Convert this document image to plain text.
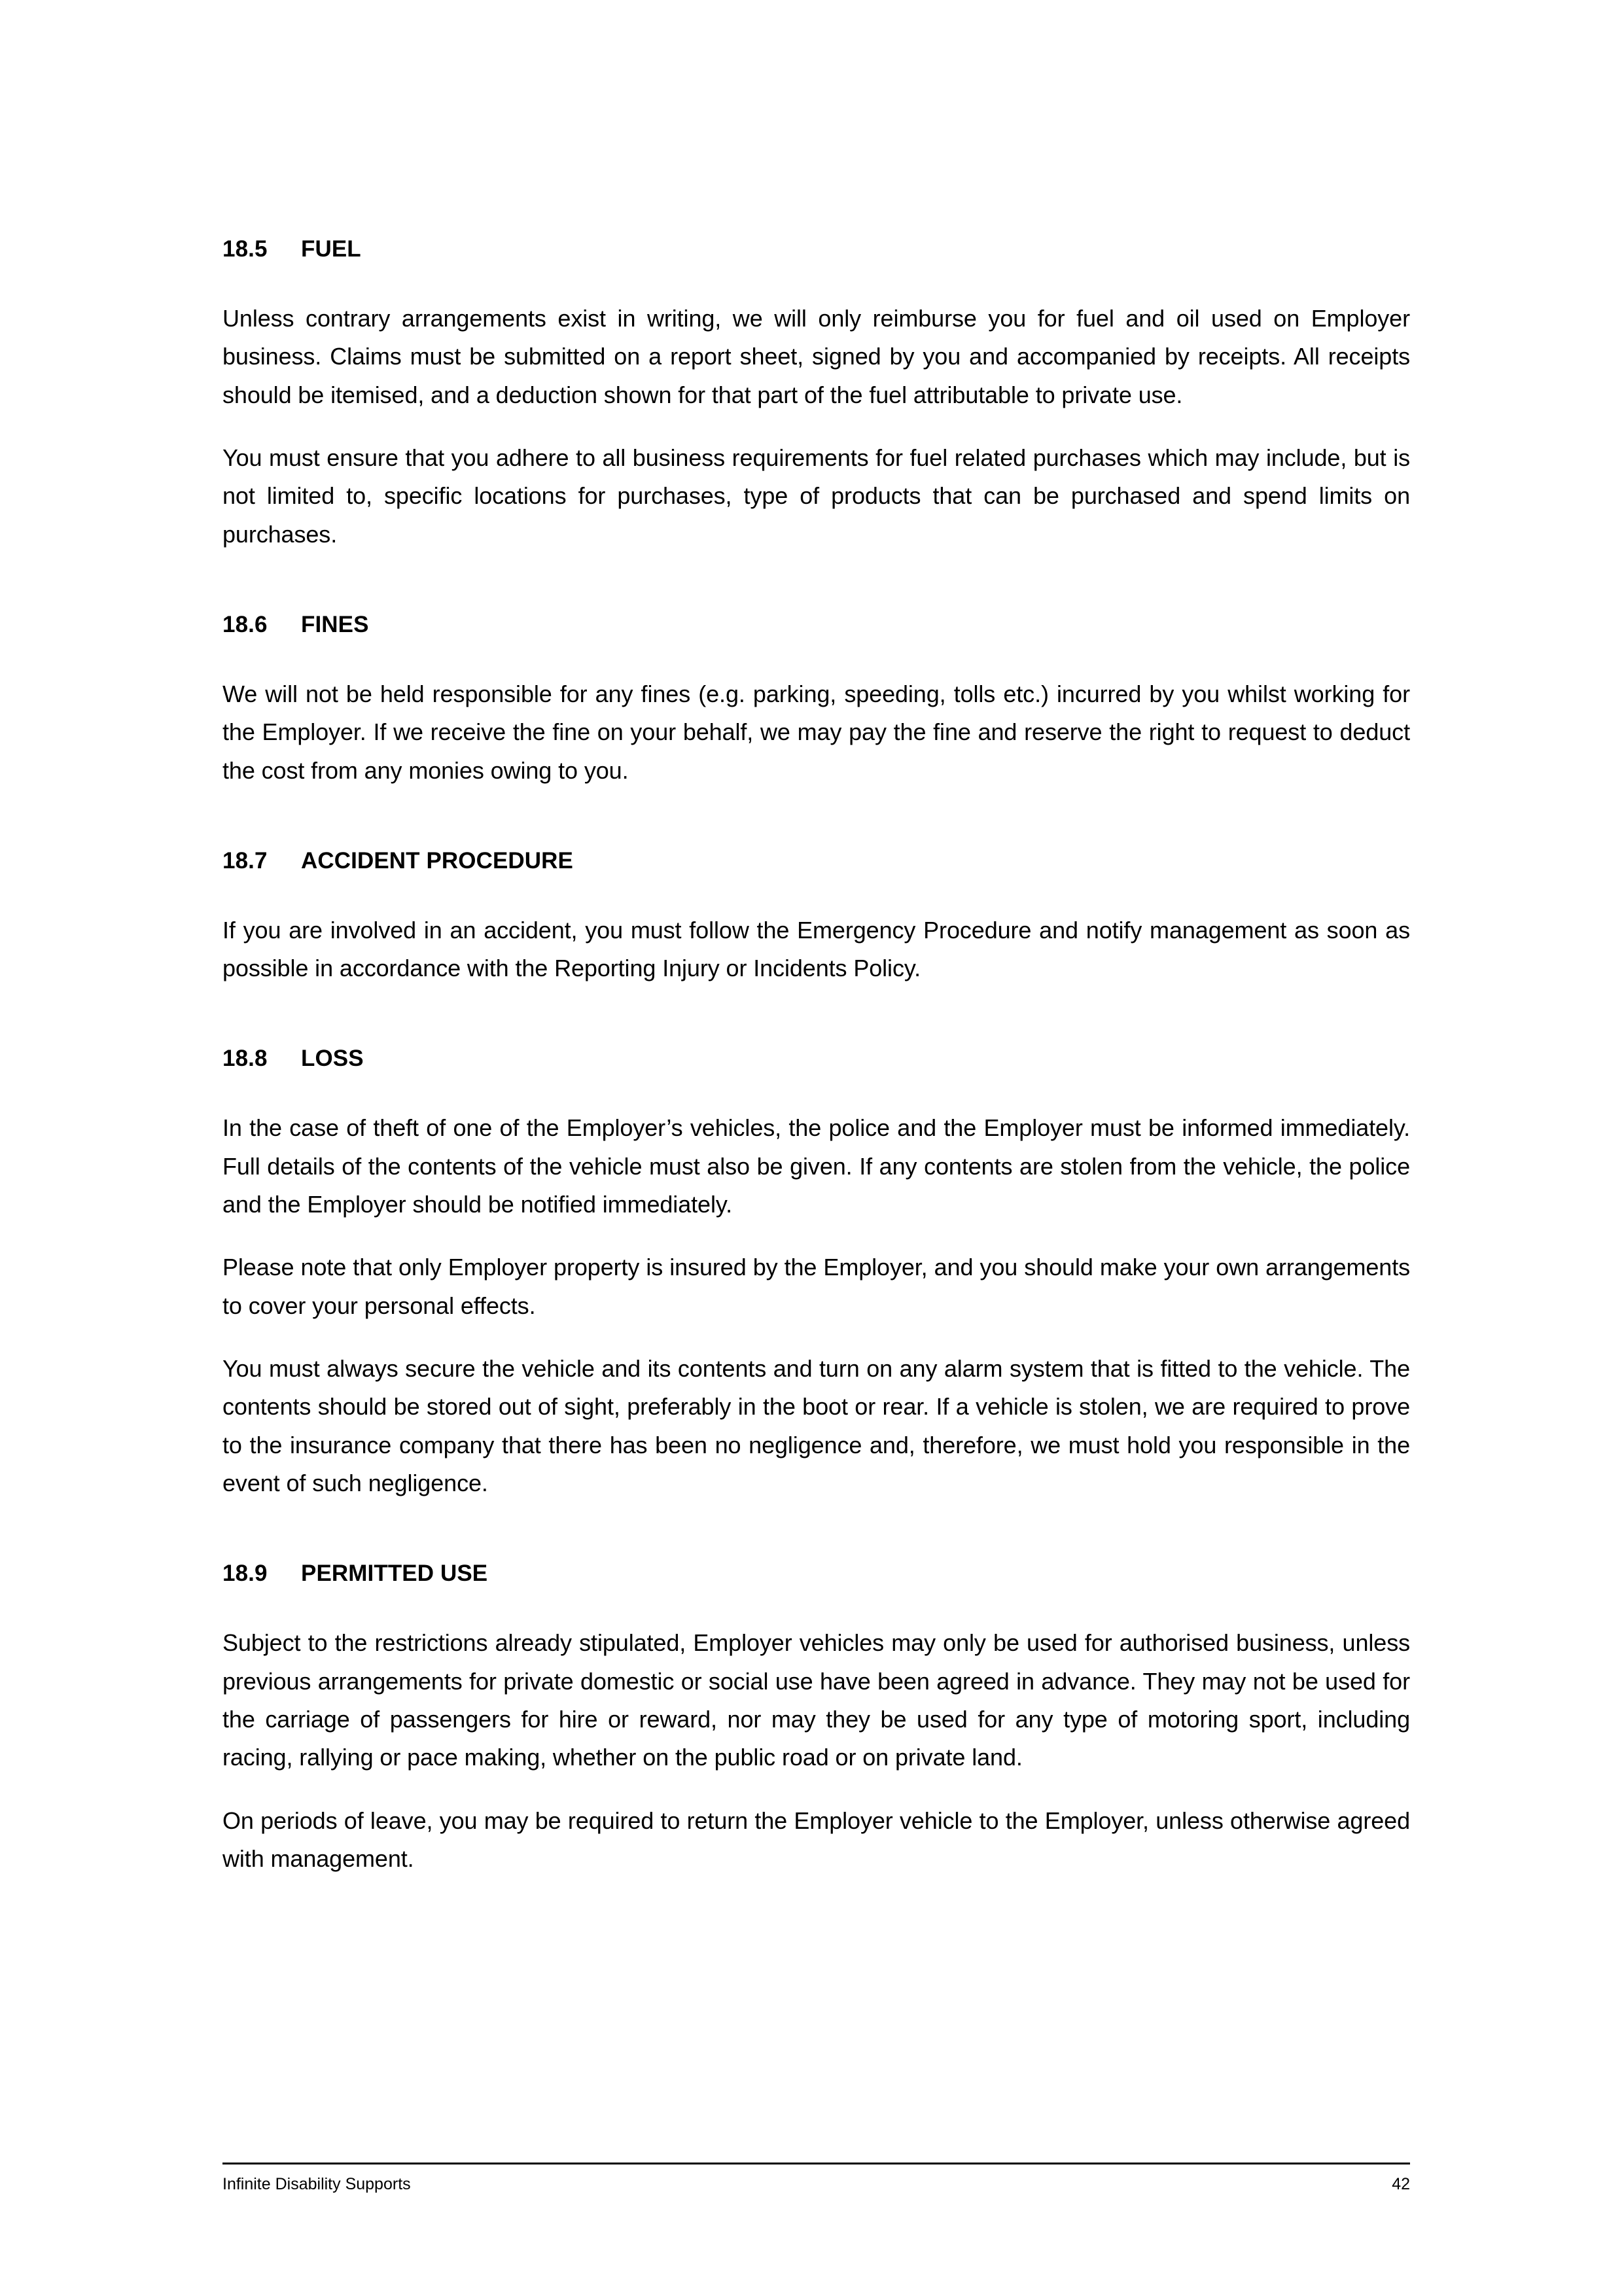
18.5 FUEL

Unless contrary arrangements exist in writing, we will only reimburse you for fuel and oil used on Employer business. Claims must be submitted on a report sheet, signed by you and accompanied by receipts. All receipts should be itemised, and a deduction shown for that part of the fuel attributable to private use.

You must ensure that you adhere to all business requirements for fuel related purchases which may include, but is not limited to, specific locations for purchases, type of products that can be purchased and spend limits on purchases.

18.6 FINES

We will not be held responsible for any fines (e.g. parking, speeding, tolls etc.) incurred by you whilst working for the Employer. If we receive the fine on your behalf, we may pay the fine and reserve the right to request to deduct the cost from any monies owing to you.

18.7 ACCIDENT PROCEDURE

If you are involved in an accident, you must follow the Emergency Procedure and notify management as soon as possible in accordance with the Reporting Injury or Incidents Policy.

18.8 LOSS

In the case of theft of one of the Employer’s vehicles, the police and the Employer must be informed immediately. Full details of the contents of the vehicle must also be given. If any contents are stolen from the vehicle, the police and the Employer should be notified immediately.

Please note that only Employer property is insured by the Employer, and you should make your own arrangements to cover your personal effects.

You must always secure the vehicle and its contents and turn on any alarm system that is fitted to the vehicle. The contents should be stored out of sight, preferably in the boot or rear. If a vehicle is stolen, we are required to prove to the insurance company that there has been no negligence and, therefore, we must hold you responsible in the event of such negligence.

18.9 PERMITTED USE

Subject to the restrictions already stipulated, Employer vehicles may only be used for authorised business, unless previous arrangements for private domestic or social use have been agreed in advance. They may not be used for the carriage of passengers for hire or reward, nor may they be used for any type of motoring sport, including racing, rallying or pace making, whether on the public road or on private land.

On periods of leave, you may be required to return the Employer vehicle to the Employer, unless otherwise agreed with management.

Infinite Disability Supports	42
